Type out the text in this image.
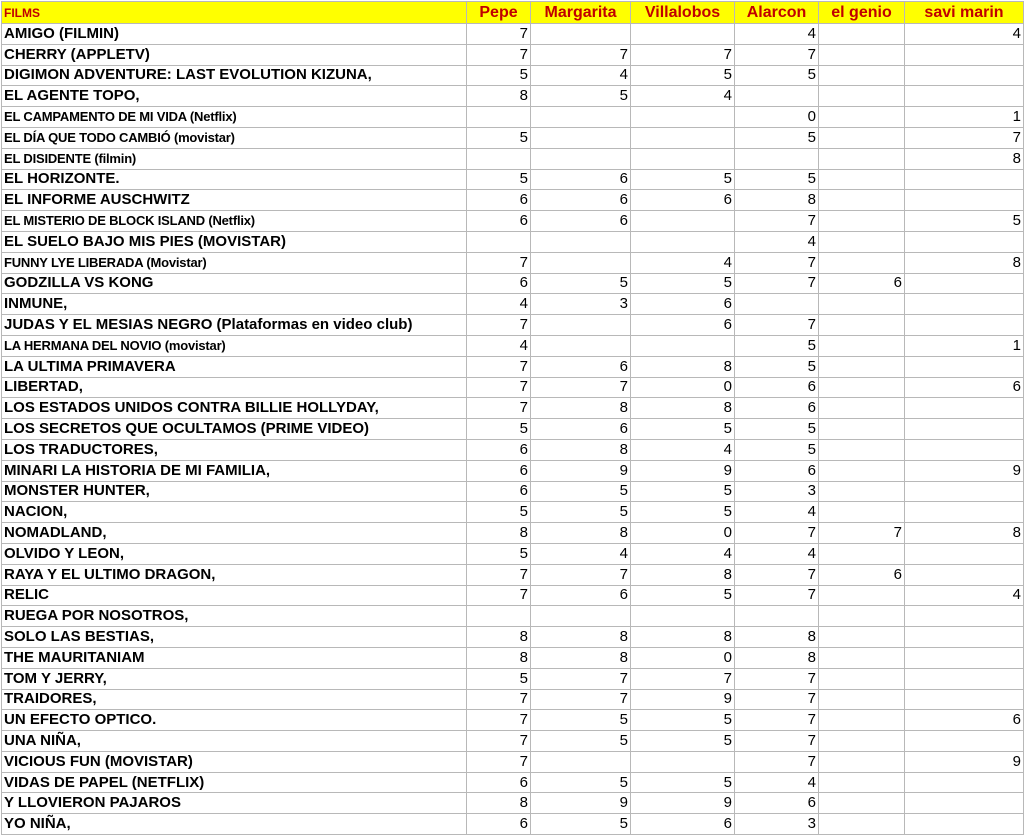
FILMS	Pepe	Margarita	Villalobos	Alarcon	el genio	savi marin
AMIGO (FILMIN)	7			4		4
CHERRY (APPLETV)	7	7	7	7		
DIGIMON ADVENTURE: LAST EVOLUTION KIZUNA,	5	4	5	5		
EL AGENTE TOPO,	8	5	4			
EL CAMPAMENTO DE MI VIDA (Netflix)				0		1
EL DÍA QUE TODO CAMBIÓ (movistar)	5			5		7
EL DISIDENTE (filmin)						8
EL HORIZONTE.	5	6	5	5		
EL INFORME AUSCHWITZ	6	6	6	8		
EL MISTERIO DE BLOCK ISLAND (Netflix)	6	6		7		5
EL SUELO BAJO MIS PIES (MOVISTAR)				4		
FUNNY LYE LIBERADA (Movistar)	7		4	7		8
GODZILLA VS KONG	6	5	5	7	6	
INMUNE,	4	3	6			
JUDAS Y EL MESIAS NEGRO (Plataformas en video club)	7		6	7		
LA HERMANA DEL NOVIO (movistar)	4			5		1
LA ULTIMA PRIMAVERA	7	6	8	5		
LIBERTAD,	7	7	0	6		6
LOS ESTADOS UNIDOS CONTRA BILLIE HOLLYDAY,	7	8	8	6		
LOS SECRETOS QUE OCULTAMOS (PRIME VIDEO)	5	6	5	5		
LOS TRADUCTORES,	6	8	4	5		
MINARI LA HISTORIA DE MI FAMILIA,	6	9	9	6		9
MONSTER HUNTER,	6	5	5	3		
NACION,	5	5	5	4		
NOMADLAND,	8	8	0	7	7	8
OLVIDO Y LEON,	5	4	4	4		
RAYA Y EL ULTIMO DRAGON,	7	7	8	7	6	
RELIC	7	6	5	7		4
RUEGA POR NOSOTROS,						
SOLO LAS BESTIAS,	8	8	8	8		
THE MAURITANIAM	8	8	0	8		
TOM Y JERRY,	5	7	7	7		
TRAIDORES,	7	7	9	7		
UN EFECTO OPTICO.	7	5	5	7		6
UNA NIÑA,	7	5	5	7		
VICIOUS FUN (MOVISTAR)	7			7		9
VIDAS DE PAPEL (NETFLIX)	6	5	5	4		
Y LLOVIERON PAJAROS	8	9	9	6		
YO NIÑA,	6	5	6	3		
